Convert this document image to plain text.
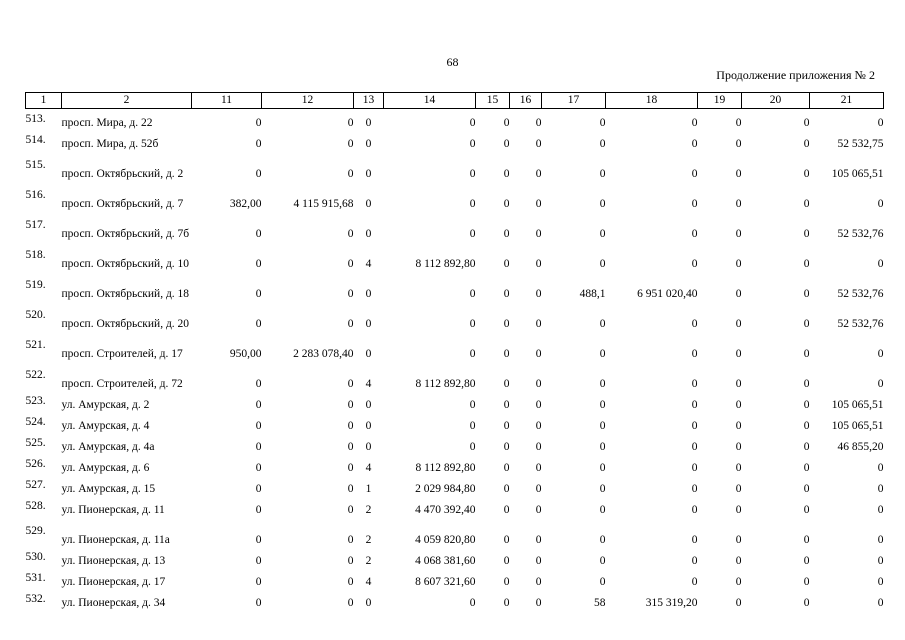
68
Продолжение приложения № 2
1	2	11	12	13	14	15	16	17	18	19	20	21
513.	просп. Мира, д. 22	0	0	0	0	0	0	0	0	0	0	0
514.	просп. Мира, д. 52б	0	0	0	0	0	0	0	0	0	0	52 532,75
515.	просп. Октябрьский, д. 2	0	0	0	0	0	0	0	0	0	0	105 065,51
516.	просп. Октябрьский, д. 7	382,00	4 115 915,68	0	0	0	0	0	0	0	0	0
517.	просп. Октябрьский, д. 7б	0	0	0	0	0	0	0	0	0	0	52 532,76
518.	просп. Октябрьский, д. 10	0	0	4	8 112 892,80	0	0	0	0	0	0	0
519.	просп. Октябрьский, д. 18	0	0	0	0	0	0	488,1	6 951 020,40	0	0	52 532,76
520.	просп. Октябрьский, д. 20	0	0	0	0	0	0	0	0	0	0	52 532,76
521.	просп. Строителей, д. 17	950,00	2 283 078,40	0	0	0	0	0	0	0	0	0
522.	просп. Строителей, д. 72	0	0	4	8 112 892,80	0	0	0	0	0	0	0
523.	ул. Амурская, д. 2	0	0	0	0	0	0	0	0	0	0	105 065,51
524.	ул. Амурская, д. 4	0	0	0	0	0	0	0	0	0	0	105 065,51
525.	ул. Амурская, д. 4а	0	0	0	0	0	0	0	0	0	0	46 855,20
526.	ул. Амурская, д. 6	0	0	4	8 112 892,80	0	0	0	0	0	0	0
527.	ул. Амурская, д. 15	0	0	1	2 029 984,80	0	0	0	0	0	0	0
528.	ул. Пионерская, д. 11	0	0	2	4 470 392,40	0	0	0	0	0	0	0
529.	ул. Пионерская, д. 11а	0	0	2	4 059 820,80	0	0	0	0	0	0	0
530.	ул. Пионерская, д. 13	0	0	2	4 068 381,60	0	0	0	0	0	0	0
531.	ул. Пионерская, д. 17	0	0	4	8 607 321,60	0	0	0	0	0	0	0
532.	ул. Пионерская, д. 34	0	0	0	0	0	0	58	315 319,20	0	0	0
